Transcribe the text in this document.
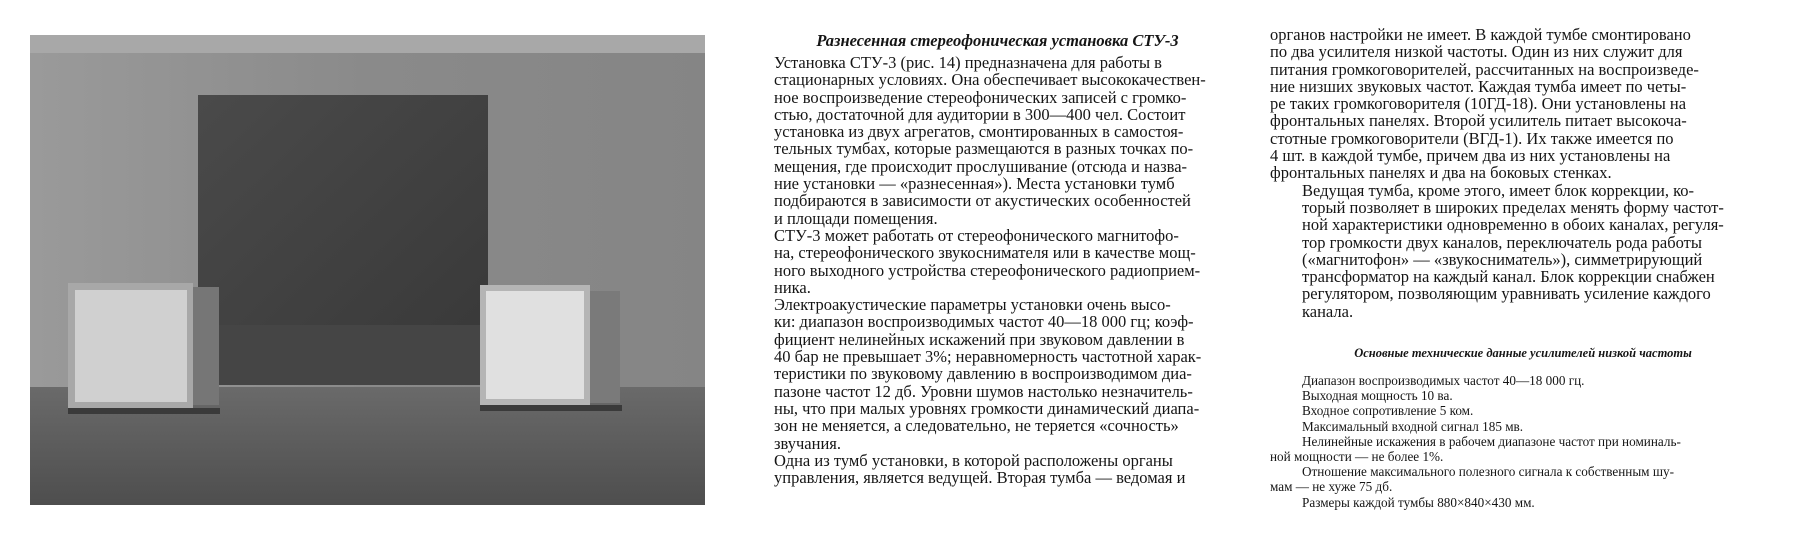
Разнесенная стереофоническая установка СТУ-3

Установка СТУ-3 (рис. 14) предназначена для работы в
стационарных условиях. Она обеспечивает высококачествен-
ное воспроизведение стереофонических записей с громко-
стью, достаточной для аудитории в 300—400 чел. Состоит
установка из двух агрегатов, смонтированных в самостоя-
тельных тумбах, которые размещаются в разных точках по-
мещения, где происходит прослушивание (отсюда и назва-
ние установки — «разнесенная»). Места установки тумб
подбираются в зависимости от акустических особенностей
и площади помещения.

СТУ-3 может работать от стереофонического магнитофо-
на, стереофонического звукоснимателя или в качестве мощ-
ного выходного устройства стереофонического радиоприем-
ника.

Электроакустические параметры установки очень высо-
ки: диапазон воспроизводимых частот 40—18 000 гц; коэф-
фициент нелинейных искажений при звуковом давлении в
40 бар не превышает 3%; неравномерность частотной харак-
теристики по звуковому давлению в воспроизводимом диа-
пазоне частот 12 дб. Уровни шумов настолько незначитель-
ны, что при малых уровнях громкости динамический диапа-
зон не меняется, а следовательно, не теряется «сочность»
звучания.

Одна из тумб установки, в которой расположены органы
управления, является ведущей. Вторая тумба — ведомая и

органов настройки не имеет. В каждой тумбе смонтировано
по два усилителя низкой частоты. Один из них служит для
питания громкоговорителей, рассчитанных на воспроизведе-
ние низших звуковых частот. Каждая тумба имеет по четы-
ре таких громкоговорителя (10ГД-18). Они установлены на
фронтальных панелях. Второй усилитель питает высокоча-
стотные громкоговорители (ВГД-1). Их также имеется по
4 шт. в каждой тумбе, причем два из них установлены на
фронтальных панелях и два на боковых стенках.

Ведущая тумба, кроме этого, имеет блок коррекции, ко-
торый позволяет в широких пределах менять форму частот-
ной характеристики одновременно в обоих каналах, регуля-
тор громкости двух каналов, переключатель рода работы
(«магнитофон» — «звукосниматель»), симметрирующий
трансформатор на каждый канал. Блок коррекции снабжен
регулятором, позволяющим уравнивать усиление каждого
канала.

Основные технические данные усилителей низкой частоты

Диапазон воспроизводимых частот 40—18 000 гц.
Выходная мощность 10 ва.
Входное сопротивление 5 ком.
Максимальный входной сигнал 185 мв.
Нелинейные искажения в рабочем диапазоне частот при номиналь-
ной мощности — не более 1%.
Отношение максимального полезного сигнала к собственным шу-
мам — не хуже 75 дб.
Размеры каждой тумбы 880×840×430 мм.
